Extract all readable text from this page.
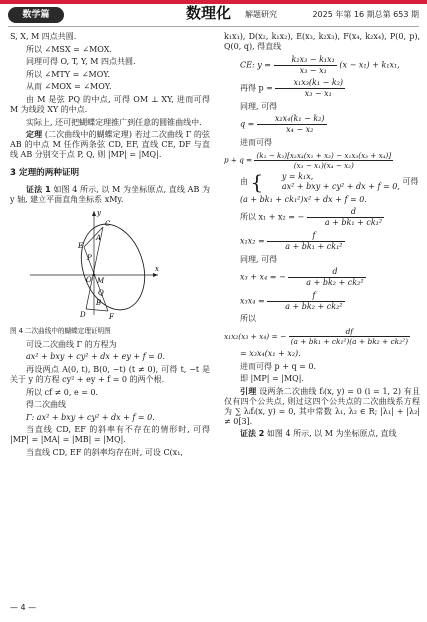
数学篇	数理化 解题研究	2025 年第 16 期总第 653 期

S, X, M 四点共圆.

所以 ∠MSX = ∠MOX.

同理可得 O, T, Y, M 四点共圆.

所以 ∠MTY = ∠MOY.

从而 ∠MOX = ∠MOY.

由 M 是弦 PQ 的中点, 可得 OM ⊥ XY, 进而可得 M 为线段 XY 的中点.

实际上, 还可把蝴蝶定理推广到任意的圆锥曲线中.

定理 (二次曲线中的蝴蝶定理) 若过二次曲线 Γ 的弦 AB 的中点 M 任作两条弦 CD, EF, 直线 CE, DF 与直线 AB 分别交于点 P, Q, 则 |MP| = |MQ|.

3 定理的两种证明

证法 1 如图 4 所示, 以 M 为坐标原点, 直线 AB 为 y 轴, 建立平面直角坐标系 xMy.

E
C
A
P
M
Q
B
D	F
O
y
x

图 4 二次曲线中的蝴蝶定理证明图

可设二次曲线 Γ 的方程为

ax² + bxy + cy² + dx + ey + f = 0.

再设两点 A(0, t), B(0, −t) (t ≠ 0), 可得 t, −t 是关于 y 的方程 cy² + ey + f = 0 的两个根.

所以 cf ≠ 0, e = 0.

得二次曲线

Γ: ax² + bxy + cy² + dx + f = 0.

当直线 CD, EF 的斜率有不存在的情形时, 可得 |MP| = |MA| = |MB| = |MQ|.

当直线 CD, EF 的斜率均存在时, 可设 C(x₁,

k₁x₁), D(x₂, k₁x₂), E(x₃, k₂x₃), F(x₄, k₂x₄), P(0, p), Q(0, q), 得直线

CE: $y = \frac{\text{k₂x₃ − k₁x₁}}{\text{x₃ − x₁}} (x - x_1) + k_1x_1$,

再得 $p = \frac{\text{x₁x₃(k₁ − k₂)}}{\text{x₃ − x₁}}$

同理, 可得

$q = \frac{\text{x₂x₄(k₁ − k₂)}}{\text{x₄ − x₂}}$

进而可得

$p + q = \frac{\text{(k₁ − k₂)[x₂x₄(x₁ + x₂) − x₁x₃(x₃ + x₄)]}}{\text{(x₃ − x₁)(x₄ − x₂)}}$

由 {	y = k₁x,
ax² + bxy + cy² + dx + f = 0,
可得

(a + bk₁ + ck₁²)x² + dx + f = 0.

所以 x₁ + x₂ = − $\frac{d}{\text{a + bk₁ + ck₁²}}$

$x_1x_2 = \frac{f}{\text{a + bk₁ + ck₁²}}$

同理, 可得

x₃ + x₄ = − $\frac{d}{\text{a + bk₂ + ck₂²}}$

$x_3x_4 = \frac{f}{\text{a + bk₂ + ck₂²}}$

所以

x₁x₂(x₃ + x₄) = − $\frac{df}{\text{(a + bk₁ + ck₁²)(a + bk₂ + ck₂²)}}$

= x₃x₄(x₁ + x₂).

进而可得 p + q = 0.

即 |MP| = |MQ|.

引理 设两条二次曲线 fᵢ(x, y) = 0 (i = 1, 2) 有且仅有四个公共点, 则过这四个公共点的二次曲线系方程为 ∑ λᵢfᵢ(x, y) = 0, 其中常数 λ₁, λ₂ ∈ R; |λ₁| + |λ₂| ≠ 0[3].

证法 2 如图 4 所示, 以 M 为坐标原点, 直线

— 4 —
